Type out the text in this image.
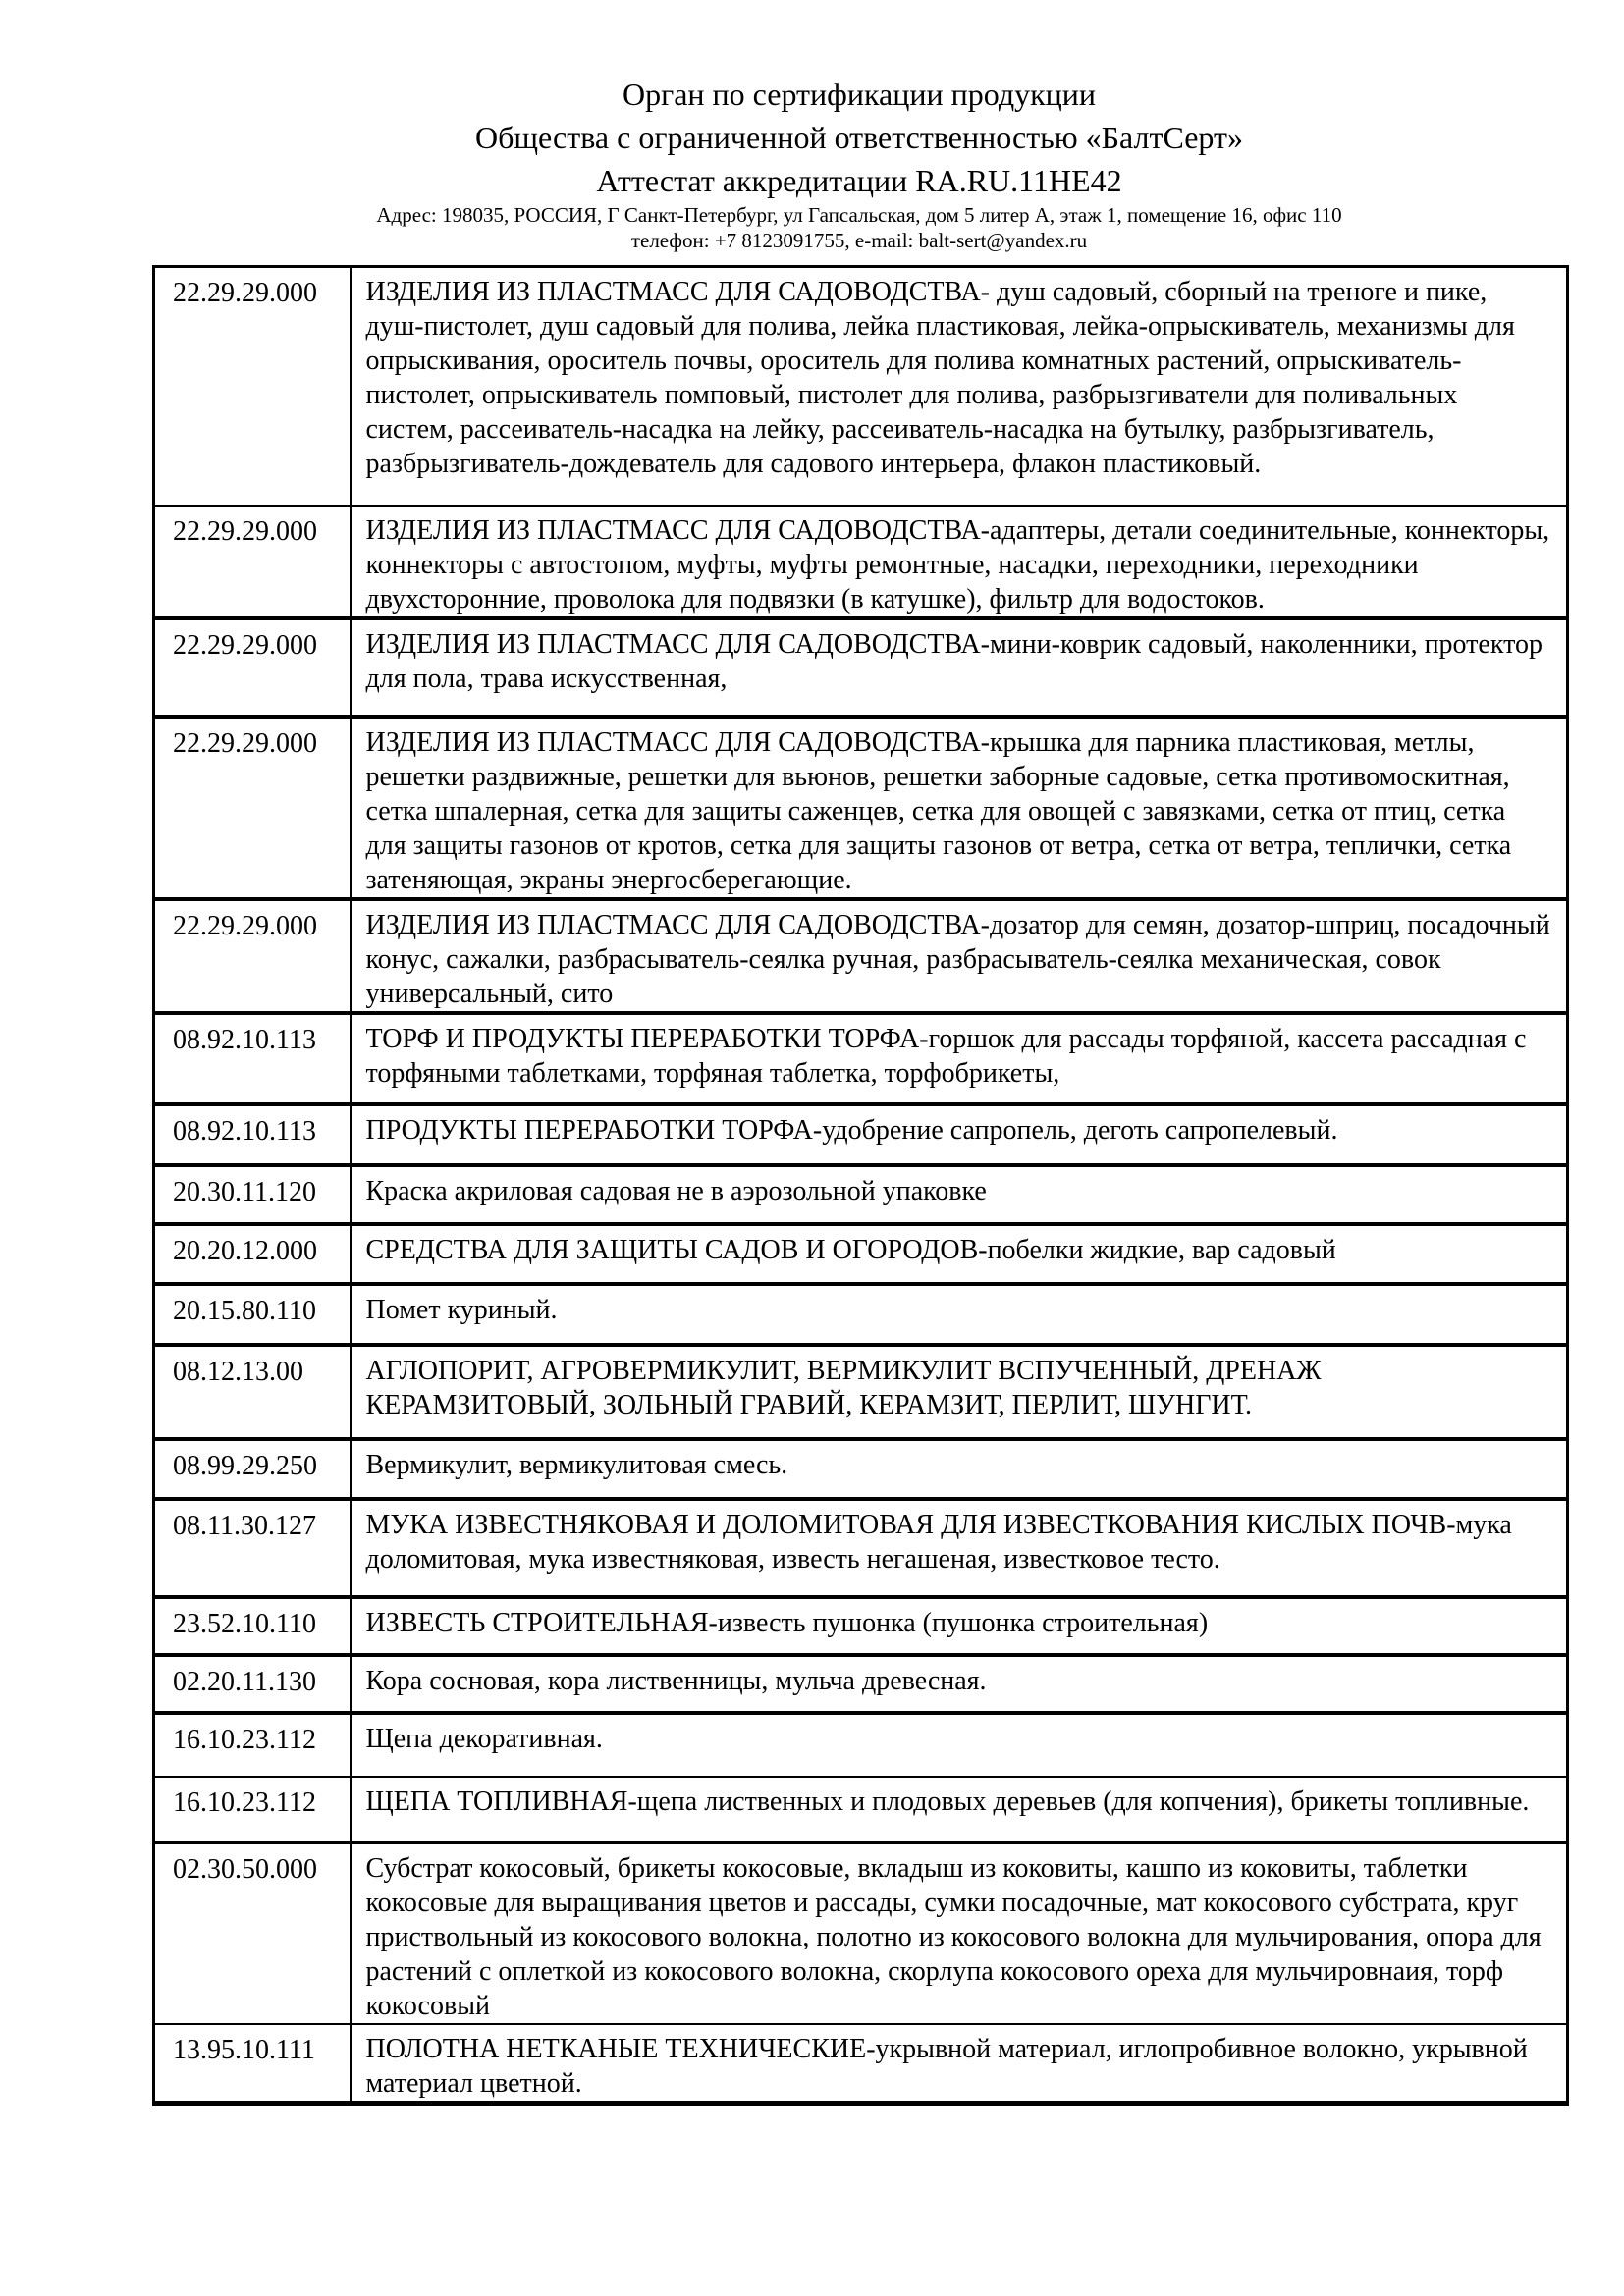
Орган по сертификации продукции
Общества с ограниченной ответственностью «БалтСерт»
Аттестат аккредитации RA.RU.11HE42
Адрес: 198035, РОССИЯ, Г Санкт-Петербург, ул Гапсальская, дом 5 литер А, этаж 1, помещение 16, офис 110
телефон: +7 8123091755, e-mail: balt-sert@yandex.ru
22.29.29.000	ИЗДЕЛИЯ ИЗ ПЛАСТМАСС ДЛЯ САДОВОДСТВА- душ садовый, сборный на треноге и пике, душ-пистолет, душ садовый для полива, лейка пластиковая, лейка-опрыскиватель, механизмы для опрыскивания, ороситель почвы, ороситель для полива комнатных растений, опрыскиватель-пистолет, опрыскиватель помповый, пистолет для полива, разбрызгиватели для поливальных систем, рассеиватель-насадка на лейку, рассеиватель-насадка на бутылку, разбрызгиватель, разбрызгиватель-дождеватель для садового интерьера, флакон пластиковый.
22.29.29.000	ИЗДЕЛИЯ ИЗ ПЛАСТМАСС ДЛЯ САДОВОДСТВА-адаптеры, детали соединительные, коннекторы, коннекторы с автостопом, муфты, муфты ремонтные, насадки, переходники, переходники двухсторонние, проволока для подвязки (в катушке), фильтр для водостоков.
22.29.29.000	ИЗДЕЛИЯ ИЗ ПЛАСТМАСС ДЛЯ САДОВОДСТВА-мини-коврик садовый, наколенники, протектор для пола, трава искусственная,
22.29.29.000	ИЗДЕЛИЯ ИЗ ПЛАСТМАСС ДЛЯ САДОВОДСТВА-крышка для парника пластиковая, метлы, решетки раздвижные, решетки для вьюнов, решетки заборные садовые, сетка противомоскитная, сетка шпалерная, сетка для защиты саженцев, сетка для овощей с завязками, сетка от птиц, сетка для защиты газонов от кротов, сетка для защиты газонов от ветра, сетка от ветра, теплички, сетка затеняющая, экраны энергосберегающие.
22.29.29.000	ИЗДЕЛИЯ ИЗ ПЛАСТМАСС ДЛЯ САДОВОДСТВА-дозатор для семян, дозатор-шприц, посадочный конус, сажалки, разбрасыватель-сеялка ручная, разбрасыватель-сеялка механическая, совок универсальный, сито
08.92.10.113	ТОРФ И ПРОДУКТЫ ПЕРЕРАБОТКИ ТОРФА-горшок для рассады торфяной, кассета рассадная с торфяными таблетками, торфяная таблетка, торфобрикеты,
08.92.10.113	ПРОДУКТЫ ПЕРЕРАБОТКИ ТОРФА-удобрение сапропель, деготь сапропелевый.
20.30.11.120	Краска акриловая садовая не в аэрозольной упаковке
20.20.12.000	СРЕДСТВА ДЛЯ ЗАЩИТЫ САДОВ И ОГОРОДОВ-побелки жидкие, вар садовый
20.15.80.110	Помет куриный.
08.12.13.00	АГЛОПОРИТ, АГРОВЕРМИКУЛИТ, ВЕРМИКУЛИТ ВСПУЧЕННЫЙ, ДРЕНАЖ КЕРАМЗИТОВЫЙ, ЗОЛЬНЫЙ ГРАВИЙ, КЕРАМЗИТ, ПЕРЛИТ, ШУНГИТ.
08.99.29.250	Вермикулит, вермикулитовая смесь.
08.11.30.127	МУКА ИЗВЕСТНЯКОВАЯ И ДОЛОМИТОВАЯ ДЛЯ ИЗВЕСТКОВАНИЯ КИСЛЫХ ПОЧВ-мука доломитовая, мука известняковая, известь негашеная, известковое тесто.
23.52.10.110	ИЗВЕСТЬ СТРОИТЕЛЬНАЯ-известь пушонка (пушонка строительная)
02.20.11.130	Кора сосновая, кора лиственницы, мульча древесная.
16.10.23.112	Щепа декоративная.
16.10.23.112	ЩЕПА ТОПЛИВНАЯ-щепа лиственных и плодовых деревьев (для копчения), брикеты топливные.
02.30.50.000	Субстрат кокосовый, брикеты кокосовые, вкладыш из коковиты, кашпо из коковиты, таблетки кокосовые для выращивания цветов и рассады, сумки посадочные, мат кокосового субстрата, круг приствольный из кокосового волокна, полотно из кокосового волокна для мульчирования, опора для растений с оплеткой из кокосового волокна, скорлупа кокосового ореха для мульчировнаия, торф кокосовый
13.95.10.111	ПОЛОТНА НЕТКАНЫЕ ТЕХНИЧЕСКИЕ-укрывной материал, иглопробивное волокно, укрывной материал цветной.
